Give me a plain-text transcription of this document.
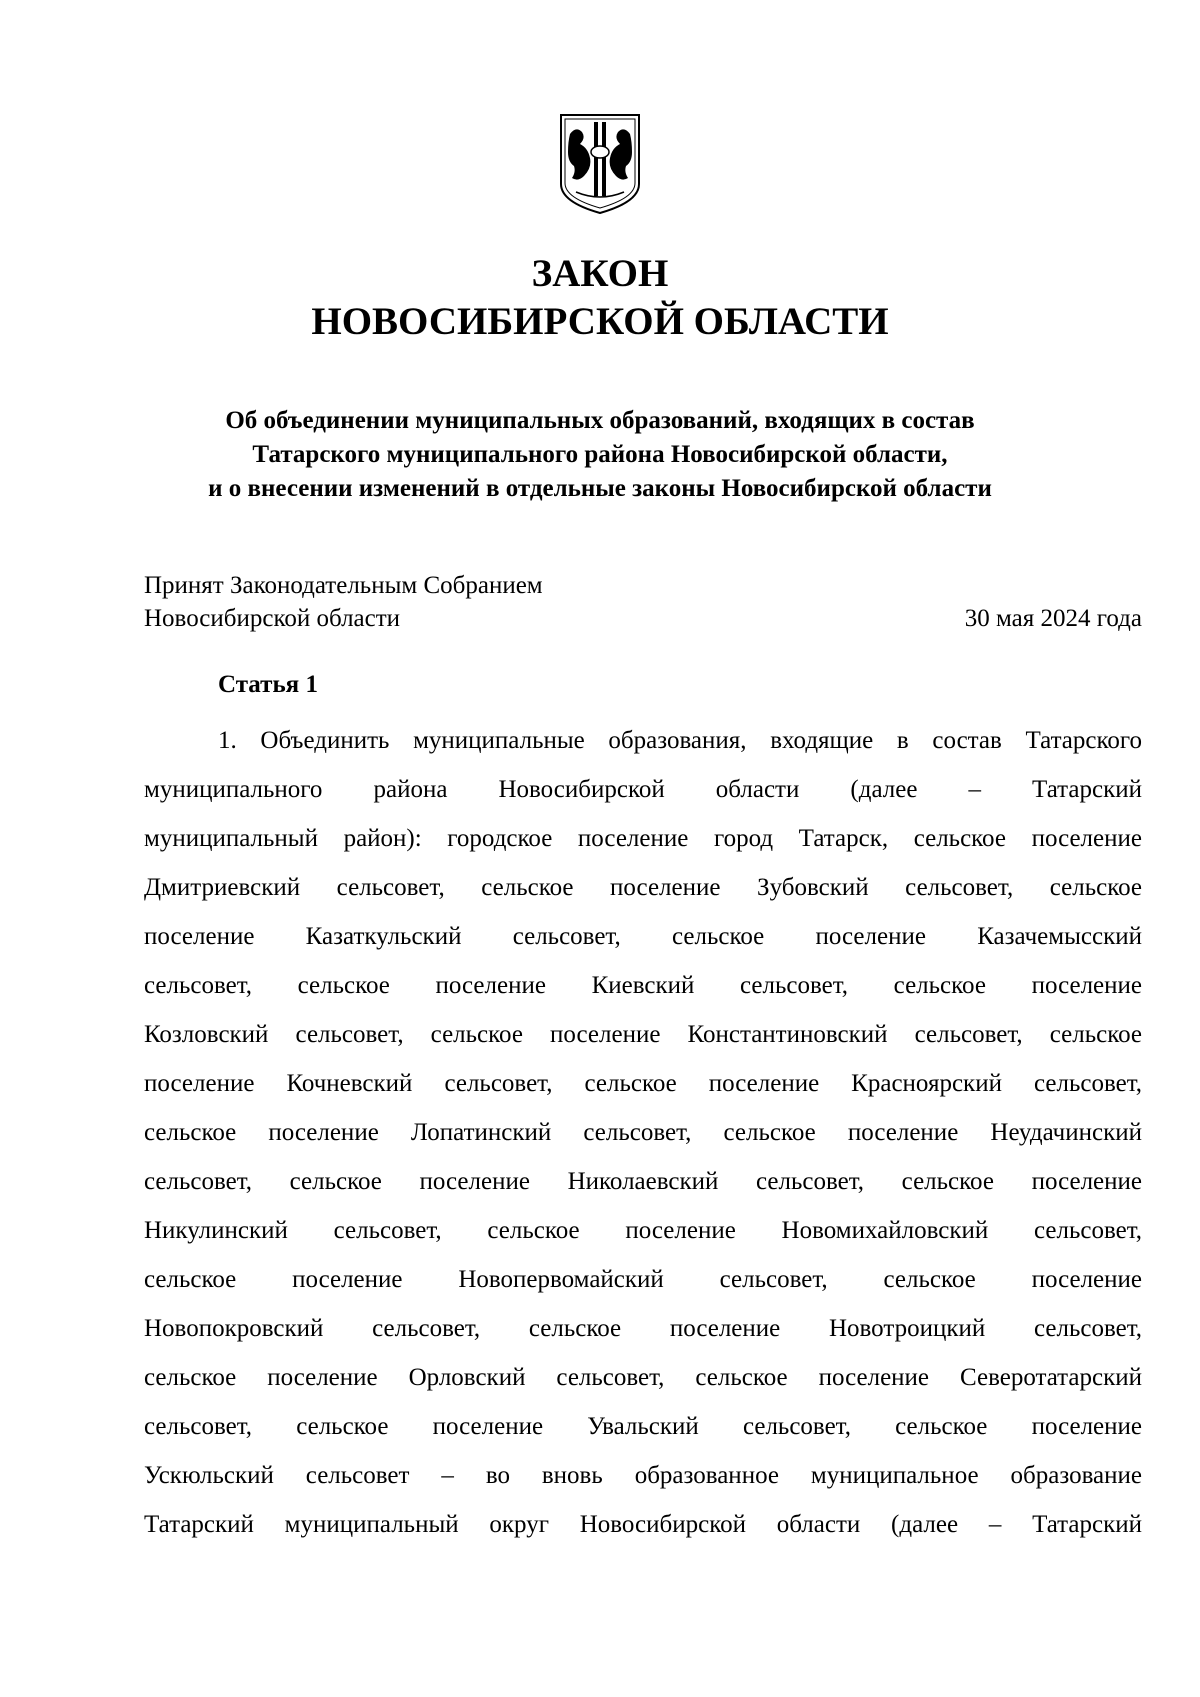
ЗАКОН
НОВОСИБИРСКОЙ ОБЛАСТИ
Об объединении муниципальных образований, входящих в состав
Татарского муниципального района Новосибирской области,
и о внесении изменений в отдельные законы Новосибирской области
Принят Законодательным Собранием
Новосибирской области	30 мая 2024 года
Статья 1
1. Объединить муниципальные образования, входящие в состав Татарского
муниципального района Новосибирской области (далее – Татарский
муниципальный район): городское поселение город Татарск, сельское поселение
Дмитриевский сельсовет, сельское поселение Зубовский сельсовет, сельское
поселение Казаткульский сельсовет, сельское поселение Казачемысский
сельсовет, сельское поселение Киевский сельсовет, сельское поселение
Козловский сельсовет, сельское поселение Константиновский сельсовет, сельское
поселение Кочневский сельсовет, сельское поселение Красноярский сельсовет,
сельское поселение Лопатинский сельсовет, сельское поселение Неудачинский
сельсовет, сельское поселение Николаевский сельсовет, сельское поселение
Никулинский сельсовет, сельское поселение Новомихайловский сельсовет,
сельское поселение Новопервомайский сельсовет, сельское поселение
Новопокровский сельсовет, сельское поселение Новотроицкий сельсовет,
сельское поселение Орловский сельсовет, сельское поселение Северотатарский
сельсовет, сельское поселение Увальский сельсовет, сельское поселение
Ускюльский сельсовет – во вновь образованное муниципальное образование
Татарский муниципальный округ Новосибирской области (далее – Татарский
